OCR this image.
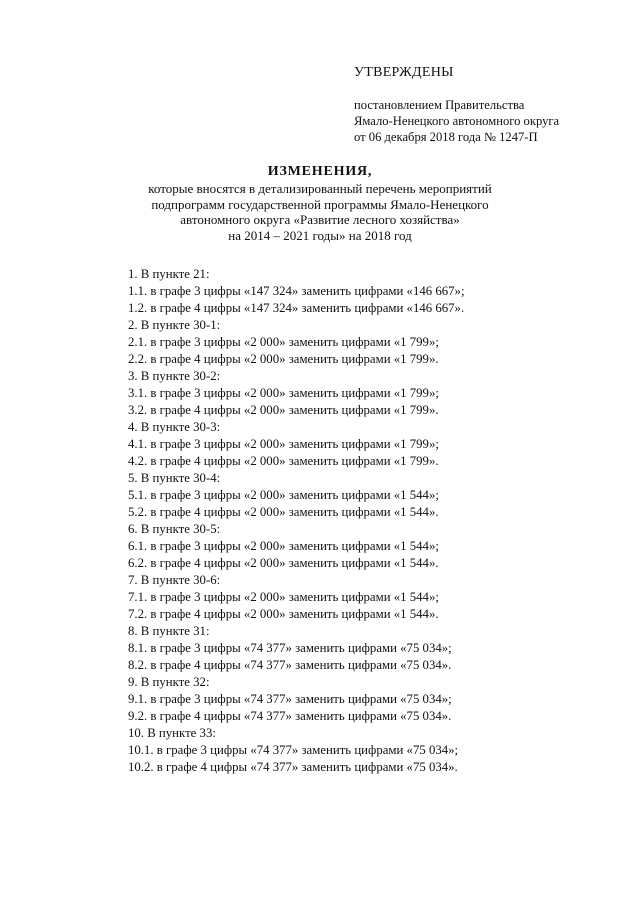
УТВЕРЖДЕНЫ
постановлением Правительства
Ямало-Ненецкого автономного округа
от 06 декабря 2018 года № 1247-П
ИЗМЕНЕНИЯ,
которые вносятся в детализированный перечень мероприятий
подпрограмм государственной программы Ямало-Ненецкого
автономного округа «Развитие лесного хозяйства»
на 2014 – 2021 годы» на 2018 год
1. В пункте 21:
1.1. в графе 3 цифры «147 324» заменить цифрами «146 667»;
1.2. в графе 4 цифры «147 324» заменить цифрами «146 667».
2. В пункте 30-1:
2.1. в графе 3 цифры «2 000» заменить цифрами «1 799»;
2.2. в графе 4 цифры «2 000» заменить цифрами «1 799».
3. В пункте 30-2:
3.1. в графе 3 цифры «2 000» заменить цифрами «1 799»;
3.2. в графе 4 цифры «2 000» заменить цифрами «1 799».
4. В пункте 30-3:
4.1. в графе 3 цифры «2 000» заменить цифрами «1 799»;
4.2. в графе 4 цифры «2 000» заменить цифрами «1 799».
5. В пункте 30-4:
5.1. в графе 3 цифры «2 000» заменить цифрами «1 544»;
5.2. в графе 4 цифры «2 000» заменить цифрами «1 544».
6. В пункте 30-5:
6.1. в графе 3 цифры «2 000» заменить цифрами «1 544»;
6.2. в графе 4 цифры «2 000» заменить цифрами «1 544».
7. В пункте 30-6:
7.1. в графе 3 цифры «2 000» заменить цифрами «1 544»;
7.2. в графе 4 цифры «2 000» заменить цифрами «1 544».
8. В пункте 31:
8.1. в графе 3 цифры «74 377» заменить цифрами «75 034»;
8.2. в графе 4 цифры «74 377» заменить цифрами «75 034».
9. В пункте 32:
9.1. в графе 3 цифры «74 377» заменить цифрами «75 034»;
9.2. в графе 4 цифры «74 377» заменить цифрами «75 034».
10. В пункте 33:
10.1. в графе 3 цифры «74 377» заменить цифрами «75 034»;
10.2. в графе 4 цифры «74 377» заменить цифрами «75 034».
